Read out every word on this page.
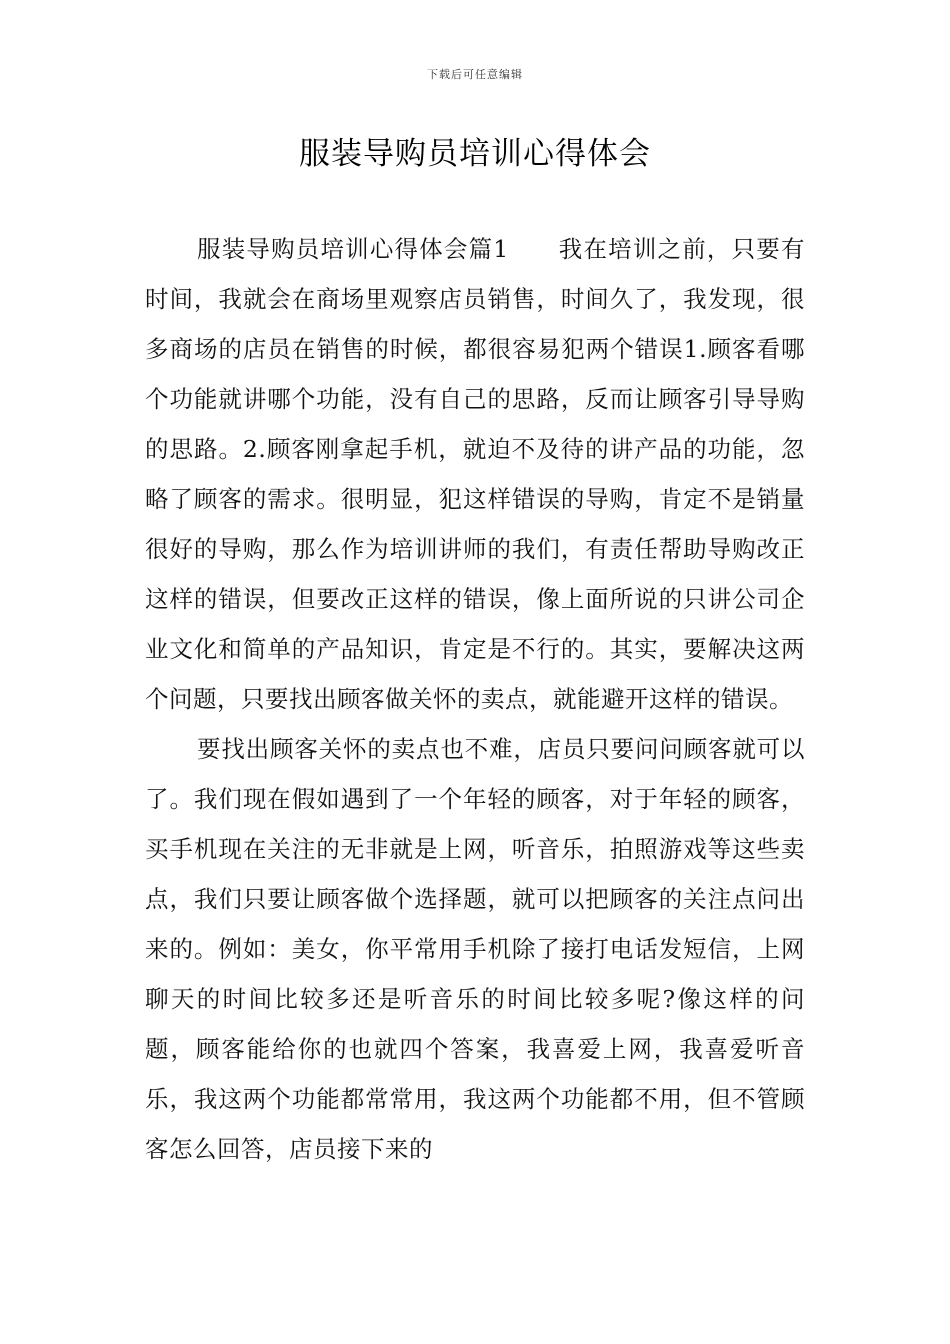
下载后可任意编辑
服装导购员培训心得体会

服装导购员培训心得体会篇1　　我在培训之前，只要有时间，我就会在商场里观察店员销售，时间久了，我发现，很多商场的店员在销售的时候，都很容易犯两个错误1.顾客看哪个功能就讲哪个功能，没有自己的思路，反而让顾客引导导购的思路。2.顾客刚拿起手机，就迫不及待的讲产品的功能，忽略了顾客的需求。很明显，犯这样错误的导购，肯定不是销量很好的导购，那么作为培训讲师的我们，有责任帮助导购改正这样的错误，但要改正这样的错误，像上面所说的只讲公司企业文化和简单的产品知识，肯定是不行的。其实，要解决这两个问题，只要找出顾客做关怀的卖点，就能避开这样的错误。

要找出顾客关怀的卖点也不难，店员只要问问顾客就可以了。我们现在假如遇到了一个年轻的顾客，对于年轻的顾客，买手机现在关注的无非就是上网，听音乐，拍照游戏等这些卖点，我们只要让顾客做个选择题，就可以把顾客的关注点问出来的。例如：美女，你平常用手机除了接打电话发短信，上网聊天的时间比较多还是听音乐的时间比较多呢?像这样的问题，顾客能给你的也就四个答案，我喜爱上网，我喜爱听音乐，我这两个功能都常常用，我这两个功能都不用，但不管顾客怎么回答，店员接下来的
